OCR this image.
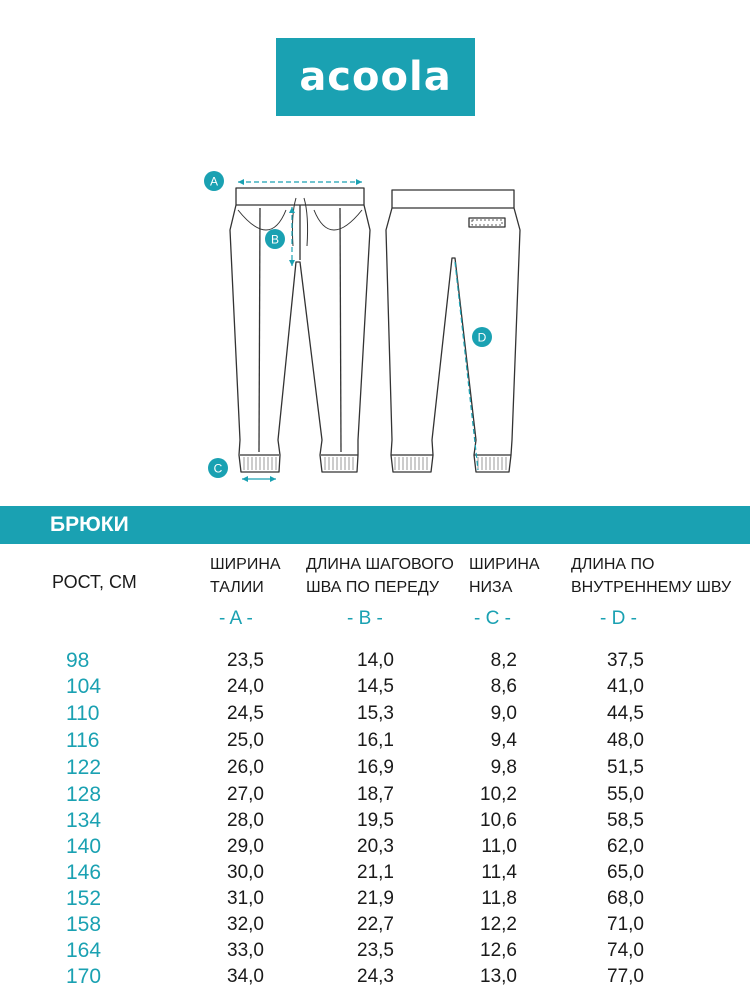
acoola
A
B
C
D
БРЮКИ
РОСТ, СМ
ШИРИНА
ТАЛИИ
ДЛИНА ШАГОВОГО
ШВА ПО ПЕРЕДУ
ШИРИНА
НИЗА
ДЛИНА ПО
ВНУТРЕННЕМУ ШВУ
- A -	- B -	- C -	- D -
98	23,5	14,0	8,2	37,5
104	24,0	14,5	8,6	41,0
110	24,5	15,3	9,0	44,5
116	25,0	16,1	9,4	48,0
122	26,0	16,9	9,8	51,5
128	27,0	18,7	10,2	55,0
134	28,0	19,5	10,6	58,5
140	29,0	20,3	11,0	62,0
146	30,0	21,1	11,4	65,0
152	31,0	21,9	11,8	68,0
158	32,0	22,7	12,2	71,0
164	33,0	23,5	12,6	74,0
170	34,0	24,3	13,0	77,0
